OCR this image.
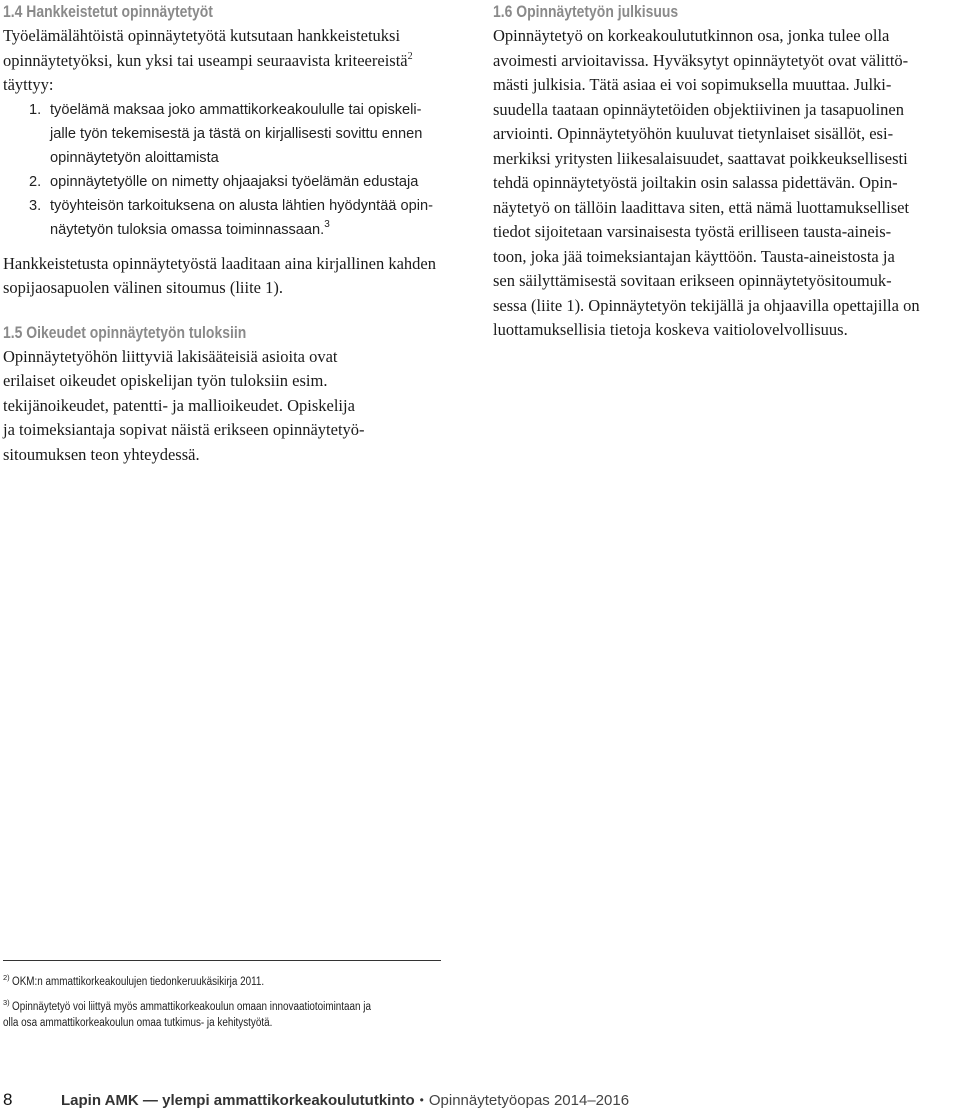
1.4 Hankkeistetut opinnäytetyöt

Työelämälähtöistä opinnäytetyötä kutsutaan hankkeistetuksi
opinnäytetyöksi, kun yksi tai useampi seuraavista kriteereistä$^2$
täyttyy:

1. työelämä maksaa joko ammattikorkeakoululle tai opiskeli-
jalle työn tekemisestä ja tästä on kirjallisesti sovittu ennen
opinnäytetyön aloittamista
2. opinnäytetyölle on nimetty ohjaajaksi työelämän edustaja
3. työyhteisön tarkoituksena on alusta lähtien hyödyntää opin-
näytetyön tuloksia omassa toiminnassaan.$^3$

Hankkeistetusta opinnäytetyöstä laaditaan aina kirjallinen kahden
sopijaosapuolen välinen sitoumus (liite 1).

1.5 Oikeudet opinnäytetyön tuloksiin

Opinnäytetyöhön liittyviä lakisääteisiä asioita ovat
erilaiset oikeudet opiskelijan työn tuloksiin esim.
tekijänoikeudet, patentti- ja mallioikeudet. Opiskelija
ja toimeksiantaja sopivat näistä erikseen opinnäytetyö-
sitoumuksen teon yhteydessä.

1.6 Opinnäytetyön julkisuus

Opinnäytetyö on korkeakoulututkinnon osa, jonka tulee olla
avoimesti arvioitavissa. Hyväksytyt opinnäytetyöt ovat välittö-
mästi julkisia. Tätä asiaa ei voi sopimuksella muuttaa. Julki-
suudella taataan opinnäytetöiden objektiivinen ja tasapuolinen
arviointi. Opinnäytetyöhön kuuluvat tietynlaiset sisällöt, esi-
merkiksi yritysten liikesalaisuudet, saattavat poikkeuksellisesti
tehdä opinnäytetyöstä joiltakin osin salassa pidettävän. Opin-
näytetyö on tällöin laadittava siten, että nämä luottamukselliset
tiedot sijoitetaan varsinaisesta työstä erilliseen tausta-aineis-
toon, joka jää toimeksiantajan käyttöön. Tausta-aineistosta ja
sen säilyttämisestä sovitaan erikseen opinnäytetyösitoumuk-
sessa (liite 1). Opinnäytetyön tekijällä ja ohjaavilla opettajilla on
luottamuksellisia tietoja koskeva vaitiolovelvollisuus.

$^{2)}$ OKM:n ammattikorkeakoulujen tiedonkeruukäsikirja 2011.
$^{3)}$ Opinnäytetyö voi liittyä myös ammattikorkeakoulun omaan innovaatiotoimintaan ja
olla osa ammattikorkeakoulun omaa tutkimus- ja kehitystyötä.
8	Lapin AMK — ylempi ammattikorkeakoulututkinto • Opinnäytetyöopas 2014–2016
